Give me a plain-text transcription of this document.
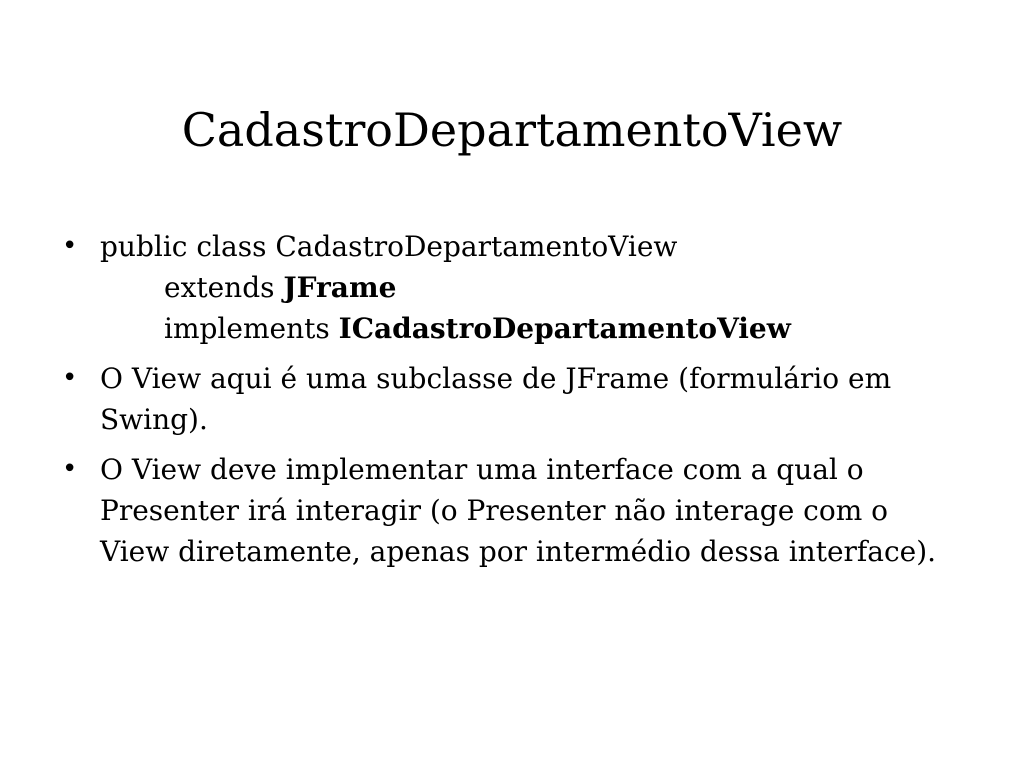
CadastroDepartamentoView
• public class CadastroDepartamentoView
extends JFrame
implements ICadastroDepartamentoView
• O View aqui é uma subclasse de JFrame (formulário em Swing).
• O View deve implementar uma interface com a qual o Presenter irá interagir (o Presenter não interage com o View diretamente, apenas por intermédio dessa interface).
